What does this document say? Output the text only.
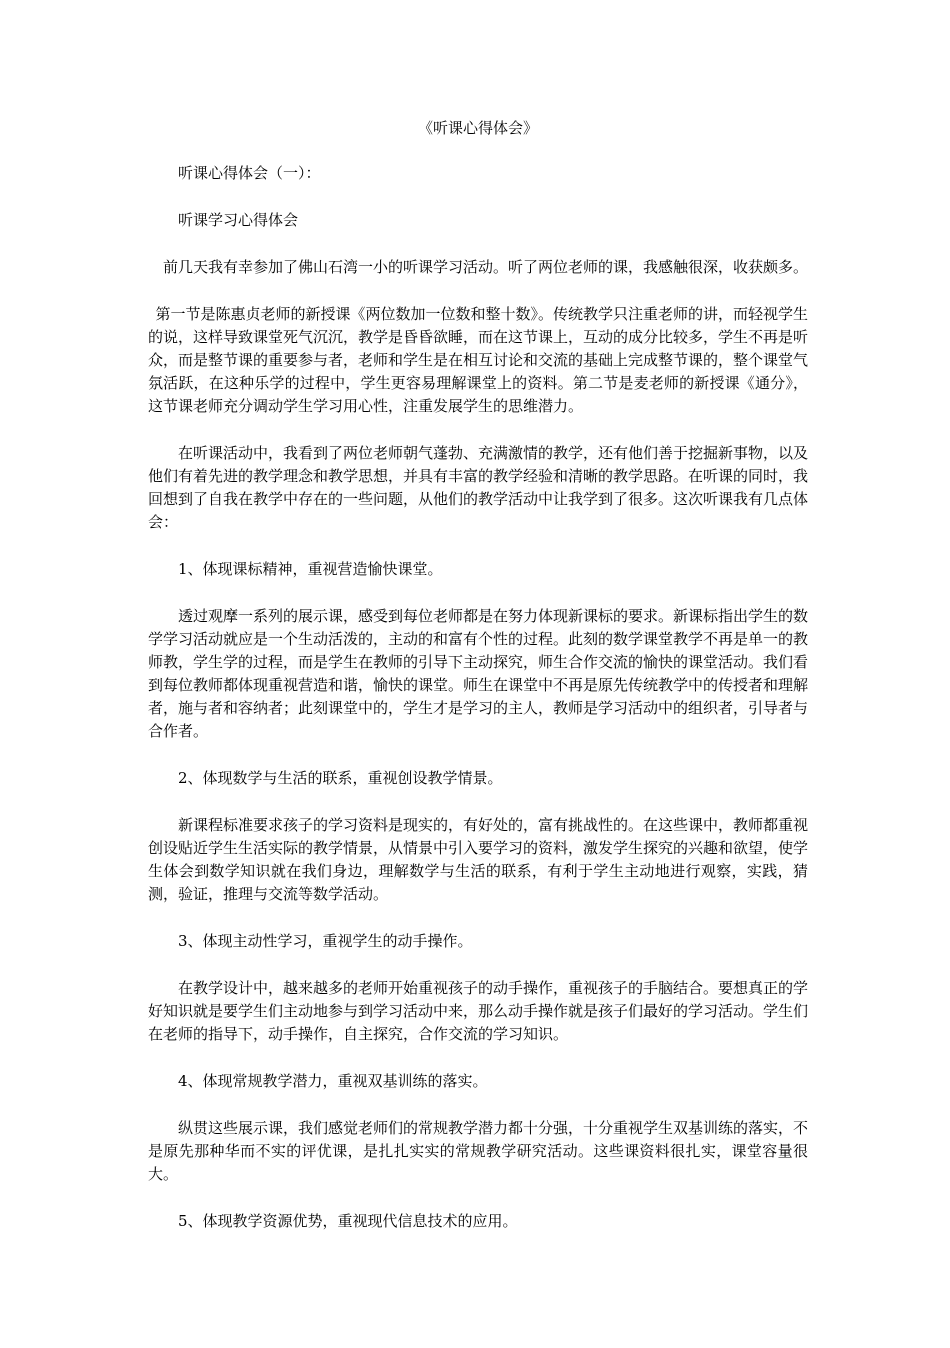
《听课心得体会》

听课心得体会（一）：

听课学习心得体会

前几天我有幸参加了佛山石湾一小的听课学习活动。听了两位老师的课，我感触很深，收获颇多。

第一节是陈惠贞老师的新授课《两位数加一位数和整十数》。传统教学只注重老师的讲，而轻视学生的说，这样导致课堂死气沉沉，教学是昏昏欲睡，而在这节课上，互动的成分比较多，学生不再是听众，而是整节课的重要参与者，老师和学生是在相互讨论和交流的基础上完成整节课的，整个课堂气氛活跃，在这种乐学的过程中，学生更容易理解课堂上的资料。第二节是麦老师的新授课《通分》，这节课老师充分调动学生学习用心性，注重发展学生的思维潜力。

在听课活动中，我看到了两位老师朝气蓬勃、充满激情的教学，还有他们善于挖掘新事物，以及他们有着先进的教学理念和教学思想，并具有丰富的教学经验和清晰的教学思路。在听课的同时，我回想到了自我在教学中存在的一些问题，从他们的教学活动中让我学到了很多。这次听课我有几点体会：

1、体现课标精神，重视营造愉快课堂。

透过观摩一系列的展示课，感受到每位老师都是在努力体现新课标的要求。新课标指出学生的数学学习活动就应是一个生动活泼的，主动的和富有个性的过程。此刻的数学课堂教学不再是单一的教师教，学生学的过程，而是学生在教师的引导下主动探究，师生合作交流的愉快的课堂活动。我们看到每位教师都体现重视营造和谐，愉快的课堂。师生在课堂中不再是原先传统教学中的传授者和理解者，施与者和容纳者；此刻课堂中的，学生才是学习的主人，教师是学习活动中的组织者，引导者与合作者。

2、体现数学与生活的联系，重视创设教学情景。

新课程标准要求孩子的学习资料是现实的，有好处的，富有挑战性的。在这些课中，教师都重视创设贴近学生生活实际的教学情景，从情景中引入要学习的资料，激发学生探究的兴趣和欲望，使学生体会到数学知识就在我们身边，理解数学与生活的联系，有利于学生主动地进行观察，实践，猜测，验证，推理与交流等数学活动。

3、体现主动性学习，重视学生的动手操作。

在教学设计中，越来越多的老师开始重视孩子的动手操作，重视孩子的手脑结合。要想真正的学好知识就是要学生们主动地参与到学习活动中来，那么动手操作就是孩子们最好的学习活动。学生们在老师的指导下，动手操作，自主探究，合作交流的学习知识。

4、体现常规教学潜力，重视双基训练的落实。

纵贯这些展示课，我们感觉老师们的常规教学潜力都十分强，十分重视学生双基训练的落实，不是原先那种华而不实的评优课，是扎扎实实的常规教学研究活动。这些课资料很扎实，课堂容量很大。

5、体现教学资源优势，重视现代信息技术的应用。
